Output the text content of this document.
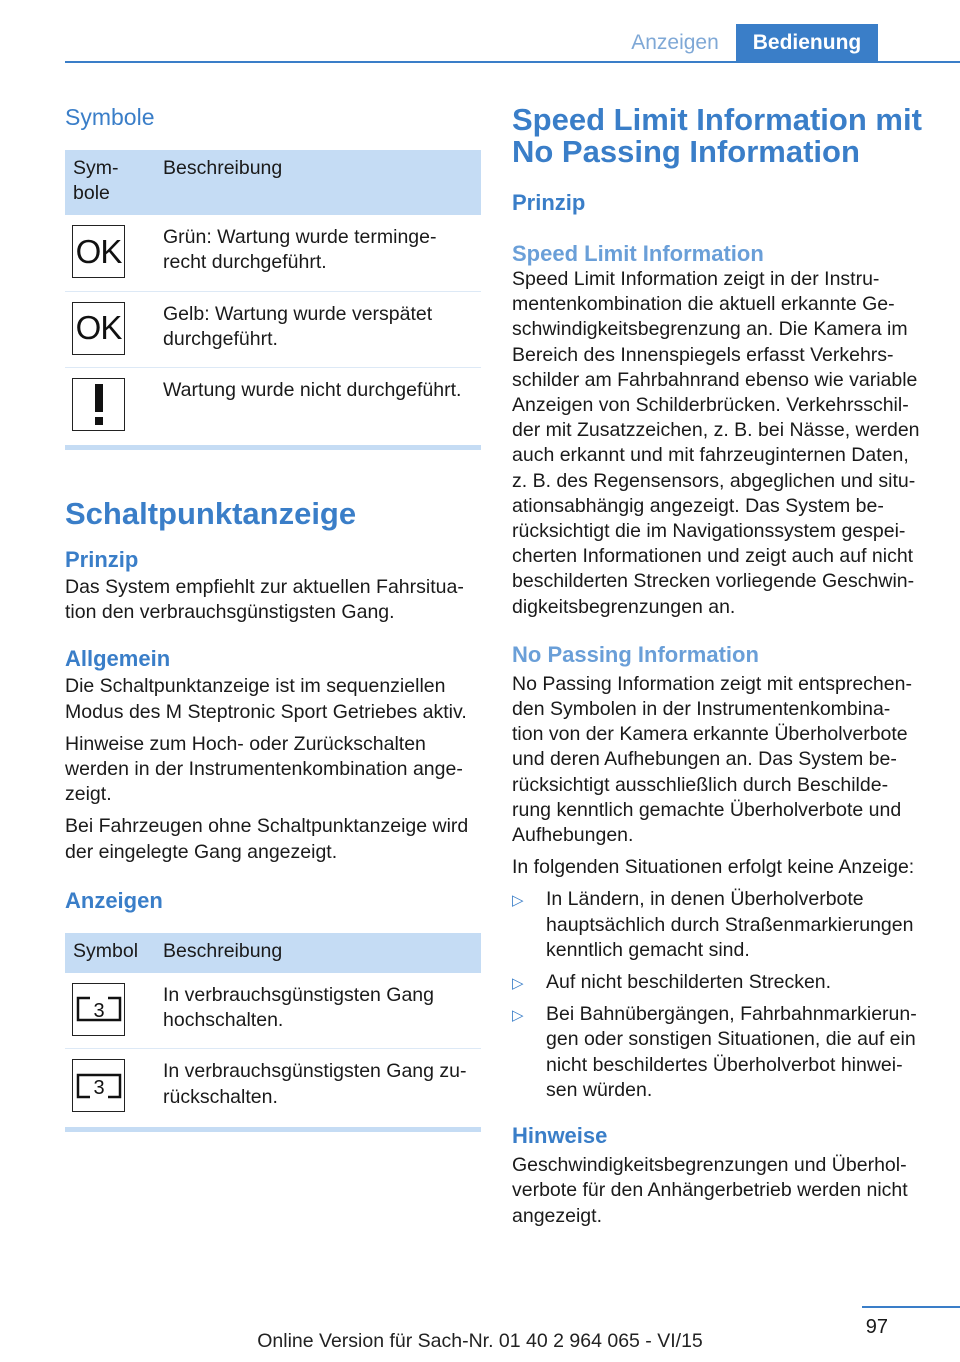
Anzeigen	Bedienung
Symbole
Sym-
bole	Beschreibung

OK	Grün: Wartung wurde terminge-
recht durchgeführt.

OK	Gelb: Wartung wurde verspätet
durchgeführt.

	Wartung wurde nicht durchgeführt.
Schaltpunktanzeige
Prinzip

Das System empfiehlt zur aktuellen Fahrsitua-
tion den verbrauchsgünstigsten Gang.

Allgemein

Die Schaltpunktanzeige ist im sequenziellen
Modus des M Steptronic Sport Getriebes aktiv.

Hinweise zum Hoch- oder Zurückschalten
werden in der Instrumentenkombination ange-
zeigt.

Bei Fahrzeugen ohne Schaltpunktanzeige wird
der eingelegte Gang angezeigt.

Anzeigen
Symbol	Beschreibung

3	In verbrauchsgünstigsten Gang
hochschalten.

3	In verbrauchsgünstigsten Gang zu-
rückschalten.
Speed Limit Information mit
No Passing Information
Prinzip
Speed Limit Information

Speed Limit Information zeigt in der Instru-
mentenkombination die aktuell erkannte Ge-
schwindigkeitsbegrenzung an. Die Kamera im
Bereich des Innenspiegels erfasst Verkehrs-
schilder am Fahrbahnrand ebenso wie variable
Anzeigen von Schilderbrücken. Verkehrsschil-
der mit Zusatzzeichen, z. B. bei Nässe, werden
auch erkannt und mit fahrzeuginternen Daten,
z. B. des Regensensors, abgeglichen und situ-
ationsabhängig angezeigt. Das System be-
rücksichtigt die im Navigationssystem gespei-
cherten Informationen und zeigt auch auf nicht
beschilderten Strecken vorliegende Geschwin-
digkeitsbegrenzungen an.

No Passing Information

No Passing Information zeigt mit entsprechen-
den Symbolen in der Instrumentenkombina-
tion von der Kamera erkannte Überholverbote
und deren Aufhebungen an. Das System be-
rücksichtigt ausschließlich durch Beschilde-
rung kenntlich gemachte Überholverbote und
Aufhebungen.

In folgenden Situationen erfolgt keine Anzeige:

▷ In Ländern, in denen Überholverbote
hauptsächlich durch Straßenmarkierungen
kenntlich gemacht sind.
▷ Auf nicht beschilderten Strecken.
▷ Bei Bahnübergängen, Fahrbahnmarkierun-
gen oder sonstigen Situationen, die auf ein
nicht beschildertes Überholverbot hinwei-
sen würden.
Hinweise

Geschwindigkeitsbegrenzungen und Überhol-
verbote für den Anhängerbetrieb werden nicht
angezeigt.

97
Online Version für Sach-Nr. 01 40 2 964 065 - VI/15
